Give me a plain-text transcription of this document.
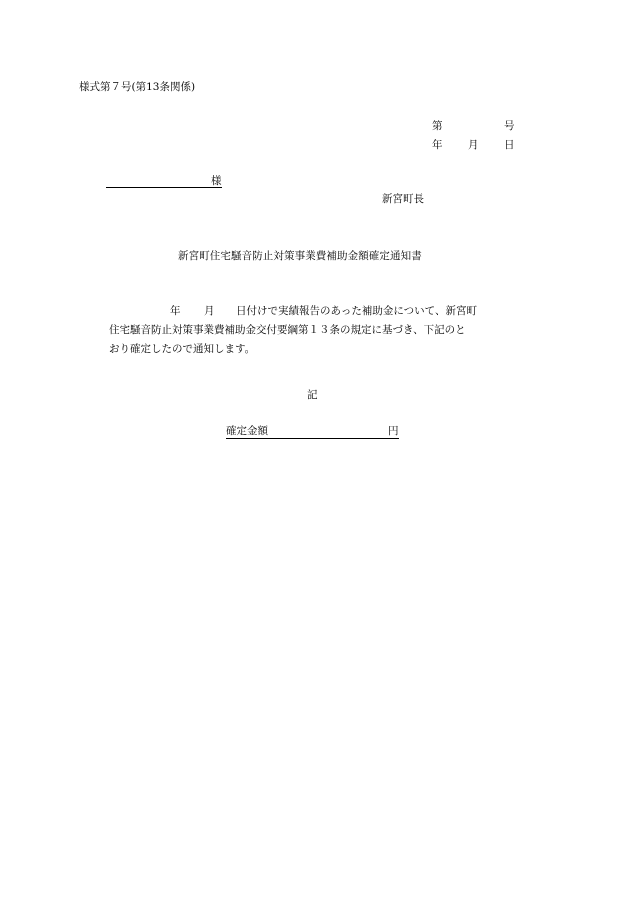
様式第７号(第13条関係)
第	号
年 月 日
様
新宮町長
新宮町住宅騒音防止対策事業費補助金額確定通知書
年 月 日付けで実績報告のあった補助金について、新宮町
住宅騒音防止対策事業費補助金交付要綱第１３条の規定に基づき、下記のと
おり確定したので通知します。
記
確定金額	円
